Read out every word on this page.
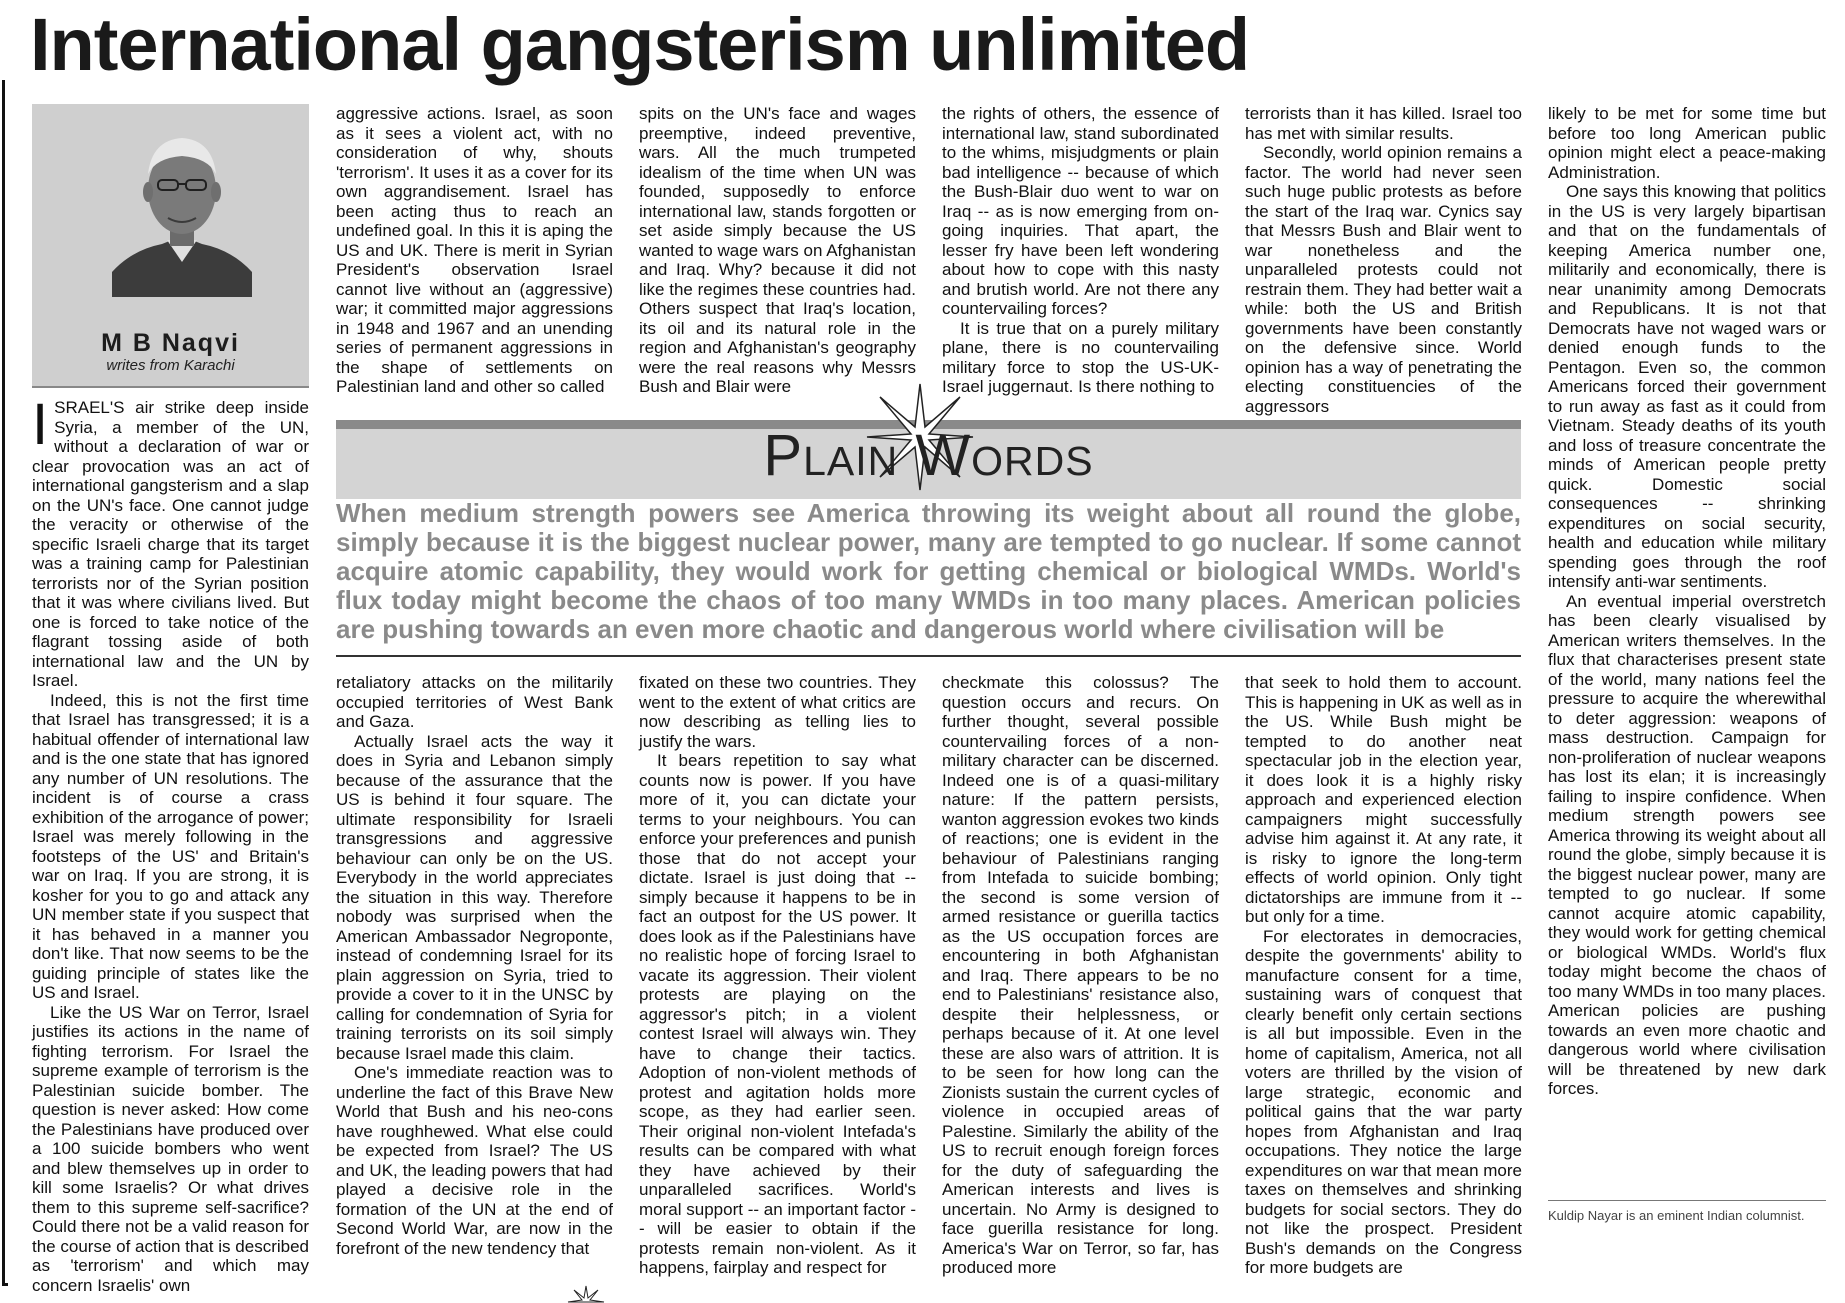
International gangsterism unlimited
M B Naqvi
writes from Karachi

ISRAEL'S air strike deep inside Syria, a member of the UN, without a declaration of war or clear provocation was an act of international gangsterism and a slap on the UN's face. One cannot judge the veracity or otherwise of the specific Israeli charge that its target was a training camp for Palestinian terrorists nor of the Syrian position that it was where civilians lived. But one is forced to take notice of the flagrant tossing aside of both international law and the UN by Israel.

Indeed, this is not the first time that Israel has transgressed; it is a habitual offender of international law and is the one state that has ignored any number of UN resolutions. The incident is of course a crass exhibition of the arrogance of power; Israel was merely following in the footsteps of the US' and Britain's war on Iraq. If you are strong, it is kosher for you to go and attack any UN member state if you suspect that it has behaved in a manner you don't like. That now seems to be the guiding principle of states like the US and Israel.

Like the US War on Terror, Israel justifies its actions in the name of fighting terrorism. For Israel the supreme example of terrorism is the Palestinian suicide bomber. The question is never asked: How come the Palestinians have produced over a 100 suicide bombers who went and blew themselves up in order to kill some Israelis? Or what drives them to this supreme self-sacrifice? Could there not be a valid reason for the course of action that is described as 'terrorism' and which may concern Israelis' own

aggressive actions. Israel, as soon as it sees a violent act, with no consideration of why, shouts 'terrorism'. It uses it as a cover for its own aggrandisement. Israel has been acting thus to reach an undefined goal. In this it is aping the US and UK. There is merit in Syrian President's observation Israel cannot live without an (aggressive) war; it committed major aggressions in 1948 and 1967 and an unending series of permanent aggressions in the shape of settlements on Palestinian land and other so called

spits on the UN's face and wages preemptive, indeed preventive, wars. All the much trumpeted idealism of the time when UN was founded, supposedly to enforce international law, stands forgotten or set aside simply because the US wanted to wage wars on Afghanistan and Iraq. Why? because it did not like the regimes these countries had. Others suspect that Iraq's location, its oil and its natural role in the region and Afghanistan's geography were the real reasons why Messrs Bush and Blair were

the rights of others, the essence of international law, stand subordinated to the whims, misjudgments or plain bad intelligence -- because of which the Bush-Blair duo went to war on Iraq -- as is now emerging from on-going inquiries. That apart, the lesser fry have been left wondering about how to cope with this nasty and brutish world. Are not there any countervailing forces?

It is true that on a purely military plane, there is no countervailing military force to stop the US-UK-Israel juggernaut. Is there nothing to

terrorists than it has killed. Israel too has met with similar results.

Secondly, world opinion remains a factor. The world had never seen such huge public protests as before the start of the Iraq war. Cynics say that Messrs Bush and Blair went to war nonetheless and the unparalleled protests could not restrain them. They had better wait a while: both the US and British governments have been constantly on the defensive since. World opinion has a way of penetrating the electing constituencies of the aggressors

Plain Words
When medium strength powers see America throwing its weight about all round the globe, simply because it is the biggest nuclear power, many are tempted to go nuclear. If some cannot acquire atomic capability, they would work for getting chemical or biological WMDs. World's flux today might become the chaos of too many WMDs in too many places. American policies are pushing towards an even more chaotic and dangerous world where civilisation will be

retaliatory attacks on the militarily occupied territories of West Bank and Gaza.

Actually Israel acts the way it does in Syria and Lebanon simply because of the assurance that the US is behind it four square. The ultimate responsibility for Israeli transgressions and aggressive behaviour can only be on the US. Everybody in the world appreciates the situation in this way. Therefore nobody was surprised when the American Ambassador Negroponte, instead of condemning Israel for its plain aggression on Syria, tried to provide a cover to it in the UNSC by calling for condemnation of Syria for training terrorists on its soil simply because Israel made this claim.

One's immediate reaction was to underline the fact of this Brave New World that Bush and his neo-cons have roughhewed. What else could be expected from Israel? The US and UK, the leading powers that had played a decisive role in the formation of the UN at the end of Second World War, are now in the forefront of the new tendency that

fixated on these two countries. They went to the extent of what critics are now describing as telling lies to justify the wars.

It bears repetition to say what counts now is power. If you have more of it, you can dictate your terms to your neighbours. You can enforce your preferences and punish those that do not accept your dictate. Israel is just doing that -- simply because it happens to be in fact an outpost for the US power. It does look as if the Palestinians have no realistic hope of forcing Israel to vacate its aggression. Their violent protests are playing on the aggressor's pitch; in a violent contest Israel will always win. They have to change their tactics. Adoption of non-violent methods of protest and agitation holds more scope, as they had earlier seen. Their original non-violent Intefada's results can be compared with what they have achieved by their unparalleled sacrifices. World's moral support -- an important factor -- will be easier to obtain if the protests remain non-violent. As it happens, fairplay and respect for

checkmate this colossus? The question occurs and recurs. On further thought, several possible countervailing forces of a non-military character can be discerned. Indeed one is of a quasi-military nature: If the pattern persists, wanton aggression evokes two kinds of reactions; one is evident in the behaviour of Palestinians ranging from Intefada to suicide bombing; the second is some version of armed resistance or guerilla tactics as the US occupation forces are encountering in both Afghanistan and Iraq. There appears to be no end to Palestinians' resistance also, despite their helplessness, or perhaps because of it. At one level these are also wars of attrition. It is to be seen for how long can the Zionists sustain the current cycles of violence in occupied areas of Palestine. Similarly the ability of the US to recruit enough foreign forces for the duty of safeguarding the American interests and lives is uncertain. No Army is designed to face guerilla resistance for long. America's War on Terror, so far, has produced more

that seek to hold them to account. This is happening in UK as well as in the US. While Bush might be tempted to do another neat spectacular job in the election year, it does look it is a highly risky approach and experienced election campaigners might successfully advise him against it. At any rate, it is risky to ignore the long-term effects of world opinion. Only tight dictatorships are immune from it -- but only for a time.

For electorates in democracies, despite the governments' ability to manufacture consent for a time, sustaining wars of conquest that clearly benefit only certain sections is all but impossible. Even in the home of capitalism, America, not all voters are thrilled by the vision of large strategic, economic and political gains that the war party hopes from Afghanistan and Iraq occupations. They notice the large expenditures on war that mean more taxes on themselves and shrinking budgets for social sectors. They do not like the prospect. President Bush's demands on the Congress for more budgets are

likely to be met for some time but before too long American public opinion might elect a peace-making Administration.

One says this knowing that politics in the US is very largely bipartisan and that on the fundamentals of keeping America number one, militarily and economically, there is near unanimity among Democrats and Republicans. It is not that Democrats have not waged wars or denied enough funds to the Pentagon. Even so, the common Americans forced their government to run away as fast as it could from Vietnam. Steady deaths of its youth and loss of treasure concentrate the minds of American people pretty quick. Domestic social consequences -- shrinking expenditures on social security, health and education while military spending goes through the roof intensify anti-war sentiments.

An eventual imperial overstretch has been clearly visualised by American writers themselves. In the flux that characterises present state of the world, many nations feel the pressure to acquire the wherewithal to deter aggression: weapons of mass destruction. Campaign for non-proliferation of nuclear weapons has lost its elan; it is increasingly failing to inspire confidence. When medium strength powers see America throwing its weight about all round the globe, simply because it is the biggest nuclear power, many are tempted to go nuclear. If some cannot acquire atomic capability, they would work for getting chemical or biological WMDs. World's flux today might become the chaos of too many WMDs in too many places. American policies are pushing towards an even more chaotic and dangerous world where civilisation will be threatened by new dark forces.

Kuldip Nayar is an eminent Indian columnist.
